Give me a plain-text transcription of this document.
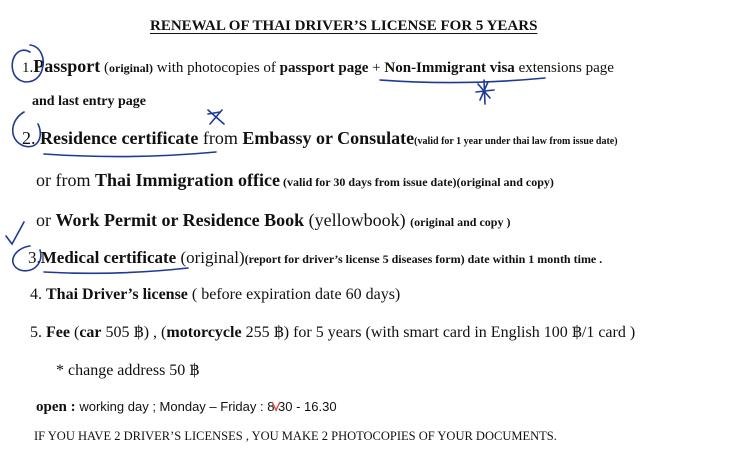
RENEWAL OF THAI DRIVER’S LICENSE FOR 5 YEARS
1.Passport (original) with photocopies of passport page + Non-Immigrant visa extensions page
and last entry page
2. Residence certificate from Embassy or Consulate(valid for 1 year under thai law from issue date)
or from Thai Immigration office (valid for 30 days from issue date)(original and copy)
or Work Permit or Residence Book (yellowbook) (original and copy )
3.Medical certificate (original)(report for driver’s license 5 diseases form) date within 1 month time .
4. Thai Driver’s license ( before expiration date 60 days)
5. Fee (car 505 ฿) , (motorcycle 255 ฿) for 5 years (with smart card in English 100 ฿/1 card )
* change address 50 ฿
open : working day ; Monday – Friday : 8.30 - 16.30
IF YOU HAVE 2 DRIVER’S LICENSES , YOU MAKE 2 PHOTOCOPIES OF YOUR DOCUMENTS.
